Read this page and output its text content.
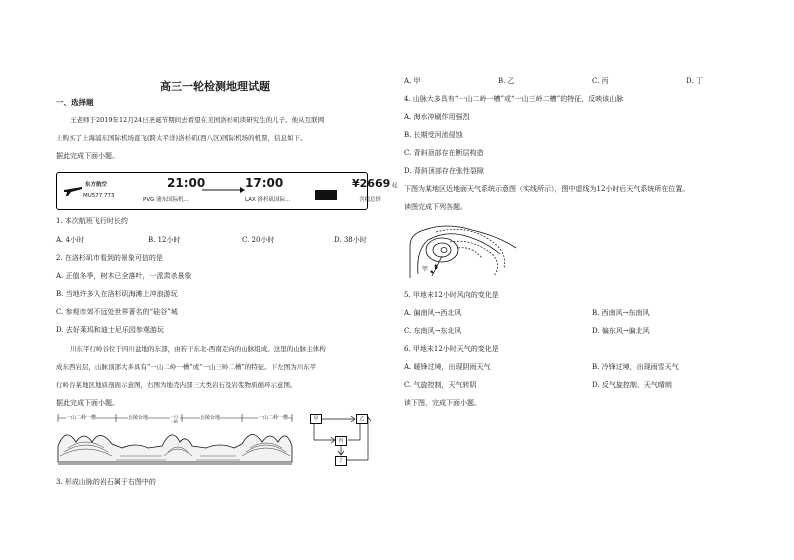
高三一轮检测地理试题
一、选择题
王老师于2019年12月24日圣诞节期间去看望在美国洛杉矶读研究生的儿子。他从互联网
上购买了上海浦东国际机场直飞(跨太平洋)洛杉矶(西八区)国际机场的机票，信息如下。
据此完成下面小题。
东方航空
MU577 773
21:00
PVG 浦东国际机...
17:00
LAX 洛杉矶国际...
¥2669 起
含税总价
1. 本次航班飞行时长约
A. 4小时	B. 12小时	C. 20小时	D. 38小时
2. 在洛杉矶市看到的景象可信的是
A. 正值冬季，树木已全落叶，一派肃杀景象
B. 当地许多人在洛杉矶海滩上冲浪游玩
C. 参观市郊不远处世界著名的“硅谷”城
D. 去好莱坞和迪士尼乐园参观游玩
川东平行岭谷位于四川盆地的东部，由若干东北-西南走向的山脉组成。这里的山脉主体构
成东西岩层，山脉顶部大多具有“一山二岭一槽”或“一山三岭二槽”的特征。下左图为川东平
行岭谷某地区地质剖面示意图，右图为地壳内部三大类岩石及岩浆物质循环示意图。
据此完成下面小题。
一山二岭一槽	丘陵台地	一山一岭
丘陵台地	一山二岭一槽	甲	乙
丙
丁
3. 形成山脉的岩石属于右图中的
A. 甲	B. 乙	C. 丙	D. 丁
4. 山脉大多具有“一山二岭一槽”或“一山三岭二槽”的特征，反映该山脉
A. 海水冲刷作用强烈
B. 长期受河流侵蚀
C. 背斜顶部存在断层构造
D. 背斜顶部存在张性裂隙
下图为某地区近地面天气系统示意图（实线所示），图中虚线为12小时后天气系统所在位置。
读图完成下列各题。
甲
5. 甲地未12小时风向的变化是
A. 偏南风→西北风	B. 西南风→东南风
C. 东南风→东北风	D. 偏东风→偏北风
6. 甲地未12小时天气的变化是
A. 暖锋过境，出现阴雨天气	B. 冷锋过境，出现雨雪天气
C. 气旋控制，天气转阴	D. 反气旋控制，天气晴朗
读下图，完成下面小题。
